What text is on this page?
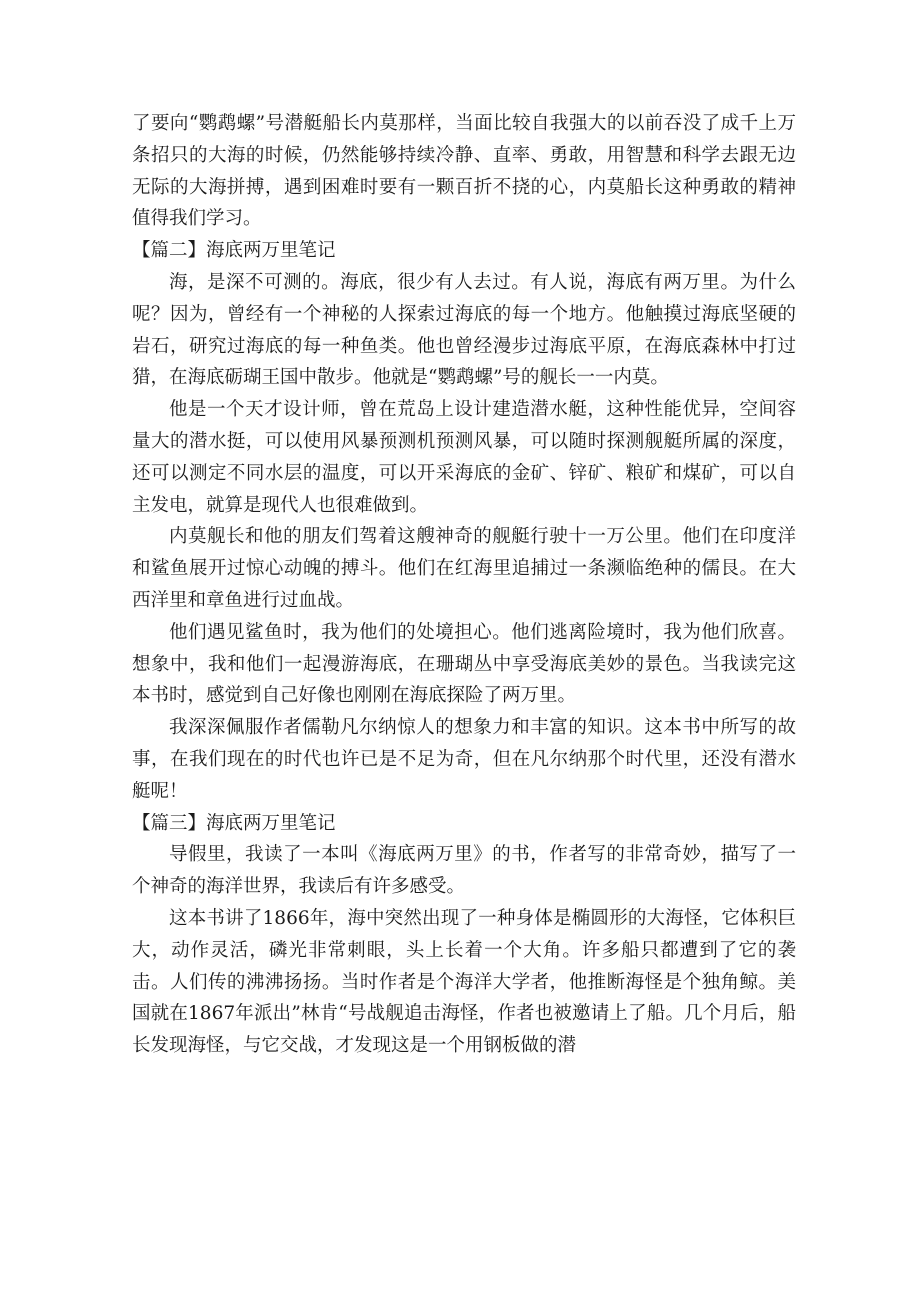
了要向“鹦鹉螺”号潜艇船长内莫那样，当面比较自我强大的以前吞没了成千上万条招只的大海的时候，仍然能够持续冷静、直率、勇敢，用智慧和科学去跟无边无际的大海拼搏，遇到困难时要有一颗百折不挠的心，内莫船长这种勇敢的精神值得我们学习。

【篇二】海底两万里笔记

海，是深不可测的。海底，很少有人去过。有人说，海底有两万里。为什么呢？因为，曾经有一个神秘的人探索过海底的每一个地方。他触摸过海底坚硬的岩石，研究过海底的每一种鱼类。他也曾经漫步过海底平原，在海底森林中打过猎，在海底砺瑚王国中散步。他就是“鹦鹉螺”号的舰长一一内莫。

他是一个天才设计师，曾在荒岛上设计建造潜水艇，这种性能优异，空间容量大的潜水挺，可以使用风暴预测机预测风暴，可以随时探测舰艇所属的深度，还可以测定不同水层的温度，可以开采海底的金矿、锌矿、粮矿和煤矿，可以自主发电，就算是现代人也很难做到。

内莫舰长和他的朋友们驾着这艘神奇的舰艇行驶十一万公里。他们在印度洋和鲨鱼展开过惊心动魄的搏斗。他们在红海里追捕过一条濒临绝种的儒艮。在大西洋里和章鱼进行过血战。

他们遇见鲨鱼时，我为他们的处境担心。他们逃离险境时，我为他们欣喜。想象中，我和他们一起漫游海底，在珊瑚丛中享受海底美妙的景色。当我读完这本书时，感觉到自己好像也刚刚在海底探险了两万里。

我深深佩服作者儒勒凡尔纳惊人的想象力和丰富的知识。这本书中所写的故事，在我们现在的时代也许已是不足为奇，但在凡尔纳那个时代里，还没有潜水艇呢！

【篇三】海底两万里笔记

导假里，我读了一本叫《海底两万里》的书，作者写的非常奇妙，描写了一个神奇的海洋世界，我读后有许多感受。

这本书讲了1866年，海中突然出现了一种身体是椭圆形的大海怪，它体积巨大，动作灵活，磷光非常刺眼，头上长着一个大角。许多船只都遭到了它的袭击。人们传的沸沸扬扬。当时作者是个海洋大学者，他推断海怪是个独角鲸。美国就在1867年派出”林肯“号战舰追击海怪，作者也被邀请上了船。几个月后，船长发现海怪，与它交战，才发现这是一个用钢板做的潜
